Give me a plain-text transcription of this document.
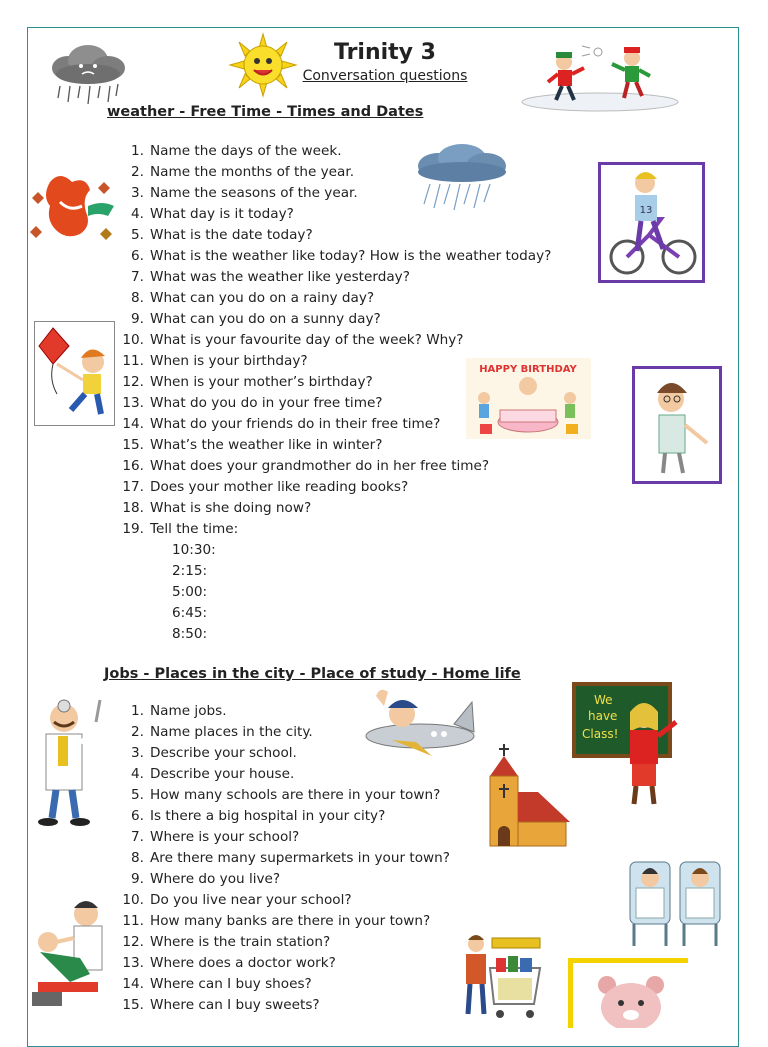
Trinity 3
Conversation questions
weather - Free Time - Times and Dates
1. Name the days of the week.
2. Name the months of the year.
3. Name the seasons of the year.
4. What day is it today?
5. What is the date today?
6. What is the weather like today? How is the weather today?
7. What was the weather like yesterday?
8. What can you do on a rainy day?
9. What can you do on a sunny day?
10. What is your favourite day of the week? Why?
11. When is your birthday?
12. When is your mother’s birthday?
13. What do you do in your free time?
14. What do your friends do in their free time?
15. What’s the weather like in winter?
16. What does your grandmother do in her free time?
17. Does your mother like reading books?
18. What is she doing now?
19. Tell the time:
10:30:
2:15:
5:00:
6:45:
8:50:
13
HAPPY BIRTHDAY
Jobs - Places in the city - Place of study - Home life
1. Name jobs.
2. Name places in the city.
3. Describe your school.
4. Describe your house.
5. How many schools are there in your town?
6. Is there a big hospital in your city?
7. Where is your school?
8. Are there many supermarkets in your town?
9. Where do you live?
10. Do you live near your school?
11. How many banks are there in your town?
12. Where is the train station?
13. Where does a doctor work?
14. Where can I buy shoes?
15. Where can I buy sweets?
We
have
Class!
